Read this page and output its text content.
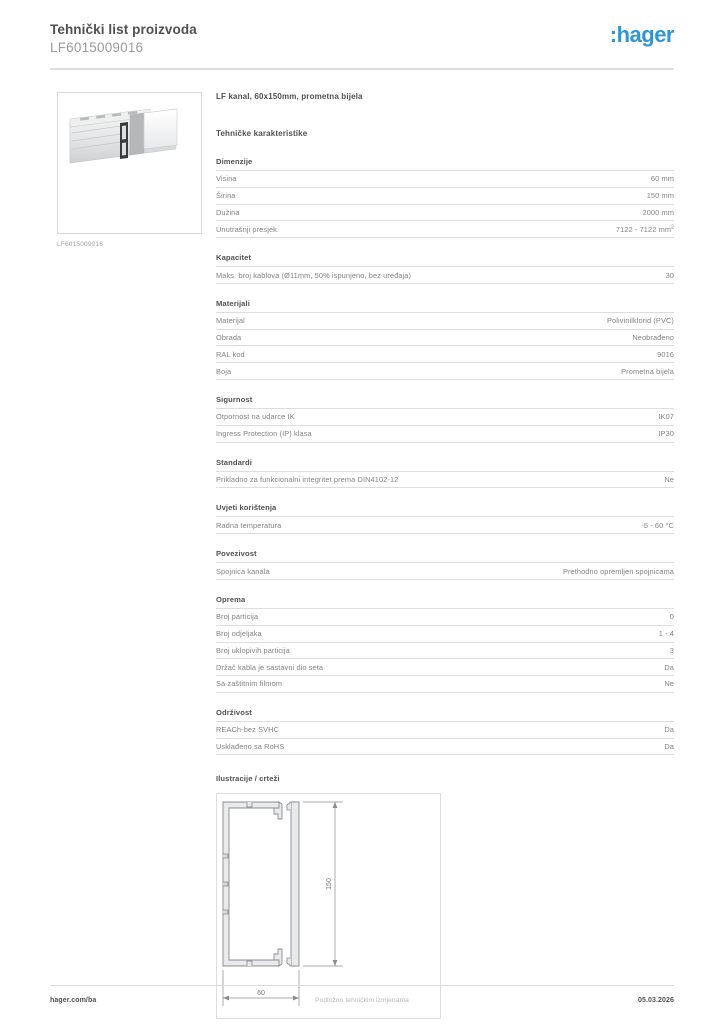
Tehnički list proizvoda
LF6015009016
:hager
LF6015009016
LF kanal, 60x150mm, prometna bijela
Tehničke karakteristike
Dimenzije
Visina	60 mm
Širina	150 mm
Dužina	2000 mm
Unutrašnji presjek	7122 - 7122 $mm^2$
Kapacitet
Maks. broj kablova (Ø11mm, 50% ispunjeno, bez uređaja)	30
Materijali
Materijal	Polivinilklorid (PVC)
Obrada	Neobrađeno
RAL kod	9016
Boja	Prometna bijela
Sigurnost
Otpornost na udarce IK	IK07
Ingress Protection (IP) klasa	IP30
Standardi
Prikladno za funkcionalni integritet prema DIN4102-12	Ne
Uvjeti korištenja
Radna temperatura	-5 - 60 °C
Povezivost
Spojnica kanala	Prethodno opremljen spojnicama
Oprema
Broj particija	0
Broj odjeljaka	1 - 4
Broj uklopivih particija	3
Držač kabla je sastavni dio seta	Da
Sa zaštitnim filmom	Ne
Održivost
REACh-bez SVHC	Da
Usklađeno sa RoHS	Da
Ilustracije / crteži
150
60
hager.com/ba	Podložno tehničkim izmjenama	05.03.2026
